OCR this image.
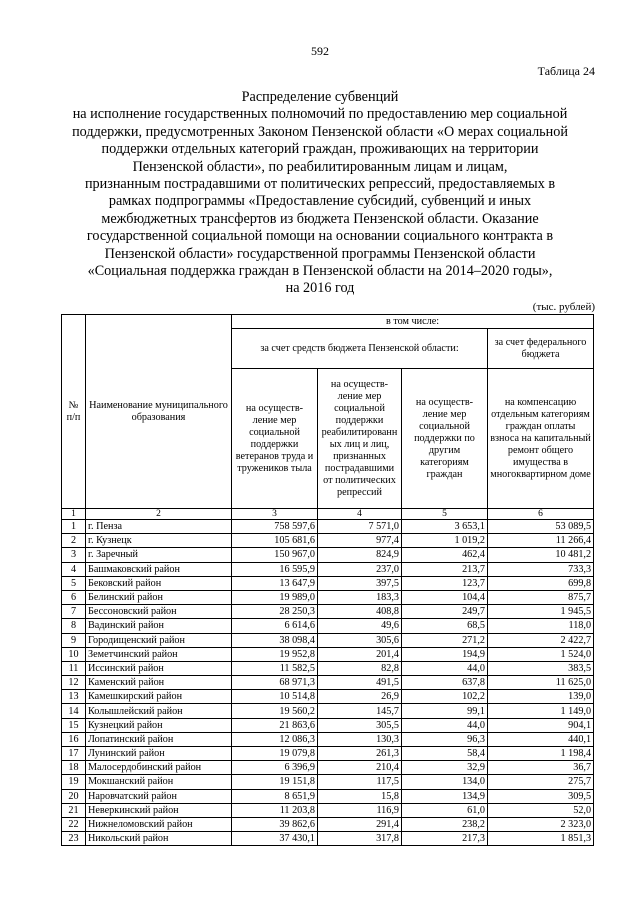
592
Таблица 24
Распределение субвенций
на исполнение государственных полномочий по предоставлению мер социальной
поддержки, предусмотренных Законом Пензенской области «О мерах социальной
поддержки отдельных категорий граждан, проживающих на территории
Пензенской области», по реабилитированным лицам и лицам,
признанным пострадавшими от политических репрессий, предоставляемых в
рамках подпрограммы «Предоставление субсидий, субвенций и иных
межбюджетных трансфертов из бюджета Пензенской области. Оказание
государственной социальной помощи на основании социального контракта в
Пензенской области» государственной программы Пензенской области
«Социальная поддержка граждан в Пензенской области на 2014–2020 годы»,
на 2016 год
(тыс. рублей)
№ п/п	Наименование муниципального образования	в том числе:			
		за счет средств бюджета Пензенской области:			за счет федерального бюджета
		на осуществ-ление мер социальной поддержки ветеранов труда и тружеников тыла	на осуществ-ление мер социальной поддержки реабилитированн ых лиц и лиц, признанных пострадавшими от политических репрессий	на осуществ-ление мер социальной поддержки по другим категориям граждан	на компенсацию отдельным категориям граждан оплаты взноса на капитальный ремонт общего имущества в многоквартирном доме
1	2	3	4	5	6
1	г. Пенза	758 597,6	7 571,0	3 653,1	53 089,5
2	г. Кузнецк	105 681,6	977,4	1 019,2	11 266,4
3	г. Заречный	150 967,0	824,9	462,4	10 481,2
4	Башмаковский район	16 595,9	237,0	213,7	733,3
5	Бековский район	13 647,9	397,5	123,7	699,8
6	Белинский район	19 989,0	183,3	104,4	875,7
7	Бессоновский район	28 250,3	408,8	249,7	1 945,5
8	Вадинский район	6 614,6	49,6	68,5	118,0
9	Городищенский район	38 098,4	305,6	271,2	2 422,7
10	Земетчинский район	19 952,8	201,4	194,9	1 524,0
11	Иссинский район	11 582,5	82,8	44,0	383,5
12	Каменский район	68 971,3	491,5	637,8	11 625,0
13	Камешкирский район	10 514,8	26,9	102,2	139,0
14	Колышлейский район	19 560,2	145,7	99,1	1 149,0
15	Кузнецкий район	21 863,6	305,5	44,0	904,1
16	Лопатинский район	12 086,3	130,3	96,3	440,1
17	Лунинский район	19 079,8	261,3	58,4	1 198,4
18	Малосердобинский район	6 396,9	210,4	32,9	36,7
19	Мокшанский район	19 151,8	117,5	134,0	275,7
20	Наровчатский район	8 651,9	15,8	134,9	309,5
21	Неверкинский район	11 203,8	116,9	61,0	52,0
22	Нижнеломовский район	39 862,6	291,4	238,2	2 323,0
23	Никольский район	37 430,1	317,8	217,3	1 851,3
